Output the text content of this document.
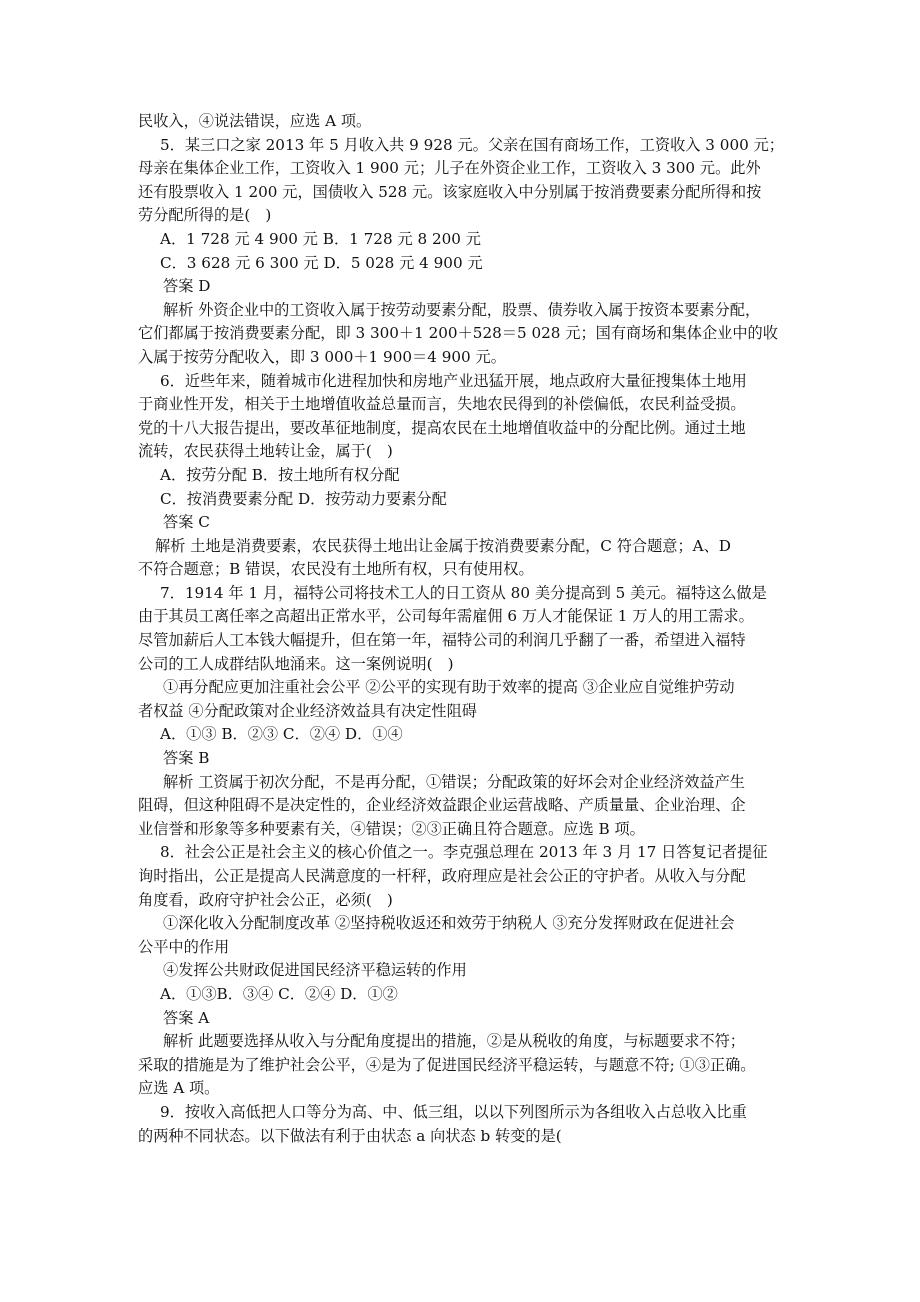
民收入，④说法错误，应选 A 项。
5．某三口之家 2013 年 5 月收入共 9 928 元。父亲在国有商场工作，工资收入 3 000 元；
母亲在集体企业工作，工资收入 1 900 元；儿子在外资企业工作，工资收入 3 300 元。此外
还有股票收入 1 200 元，国债收入 528 元。该家庭收入中分别属于按消费要素分配所得和按
劳分配所得的是(　)
A．1 728 元 4 900 元 B．1 728 元 8 200 元
C．3 628 元 6 300 元 D．5 028 元 4 900 元
答案 D
解析 外资企业中的工资收入属于按劳动要素分配，股票、债券收入属于按资本要素分配，
它们都属于按消费要素分配，即 3 300＋1 200＋528＝5 028 元；国有商场和集体企业中的收
入属于按劳分配收入，即 3 000＋1 900＝4 900 元。
6．近些年来，随着城市化进程加快和房地产业迅猛开展，地点政府大量征搜集体土地用
于商业性开发，相关于土地增值收益总量而言，失地农民得到的补偿偏低，农民利益受损。
党的十八大报告提出，要改革征地制度，提高农民在土地增值收益中的分配比例。通过土地
流转，农民获得土地转让金，属于(　)
A．按劳分配 B．按土地所有权分配
C．按消费要素分配 D．按劳动力要素分配
答案 C
解析 土地是消费要素，农民获得土地出让金属于按消费要素分配，C 符合题意；A、D
不符合题意；B 错误，农民没有土地所有权，只有使用权。
7．1914 年 1 月，福特公司将技术工人的日工资从 80 美分提高到 5 美元。福特这么做是
由于其员工离任率之高超出正常水平，公司每年需雇佣 6 万人才能保证 1 万人的用工需求。
尽管加薪后人工本钱大幅提升，但在第一年，福特公司的利润几乎翻了一番，希望进入福特
公司的工人成群结队地涌来。这一案例说明(　)
①再分配应更加注重社会公平 ②公平的实现有助于效率的提高 ③企业应自觉维护劳动
者权益 ④分配政策对企业经济效益具有决定性阻碍
A．①③ B．②③ C．②④ D．①④
答案 B
解析 工资属于初次分配，不是再分配，①错误；分配政策的好坏会对企业经济效益产生
阻碍，但这种阻碍不是决定性的，企业经济效益跟企业运营战略、产质量量、企业治理、企
业信誉和形象等多种要素有关，④错误；②③正确且符合题意。应选 B 项。
8．社会公正是社会主义的核心价值之一。李克强总理在 2013 年 3 月 17 日答复记者提征
询时指出，公正是提高人民满意度的一杆秤，政府理应是社会公正的守护者。从收入与分配
角度看，政府守护社会公正，必须(　)
①深化收入分配制度改革 ②坚持税收返还和效劳于纳税人 ③充分发挥财政在促进社会
公平中的作用
④发挥公共财政促进国民经济平稳运转的作用
A．①③B．③④ C．②④ D．①②
答案 A
解析 此题要选择从收入与分配角度提出的措施，②是从税收的角度，与标题要求不符；
采取的措施是为了维护社会公平，④是为了促进国民经济平稳运转，与题意不符; ①③正确。
应选 A 项。
9．按收入高低把人口等分为高、中、低三组，以以下列图所示为各组收入占总收入比重
的两种不同状态。以下做法有利于由状态 a 向状态 b 转变的是(
